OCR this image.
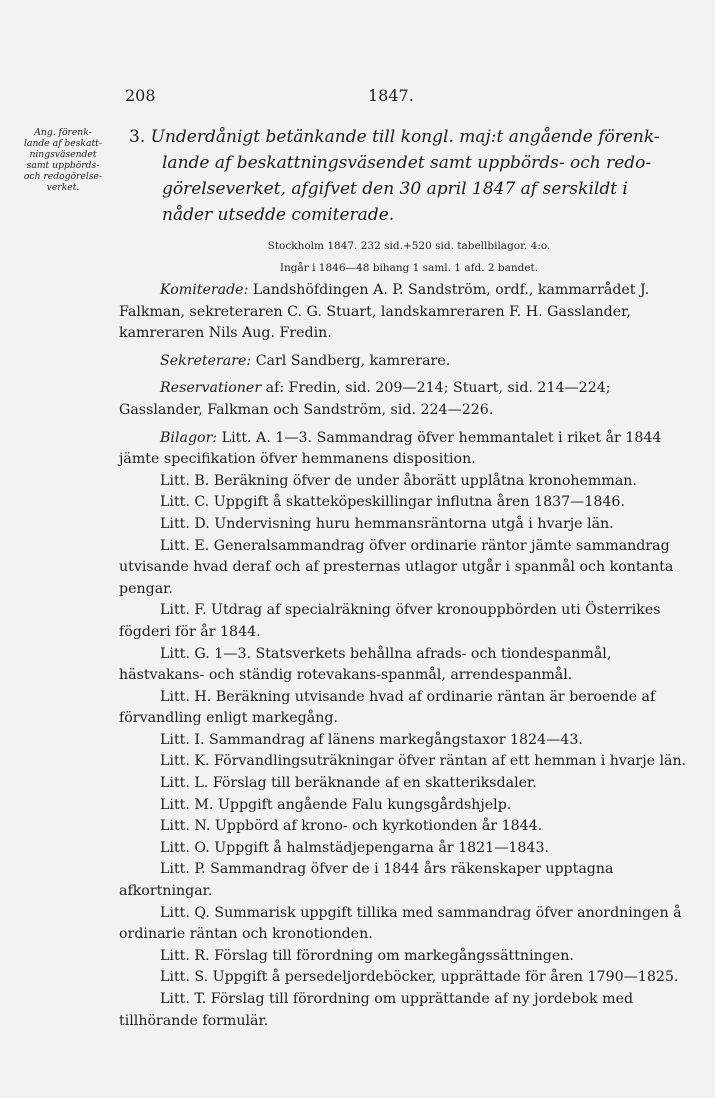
208	1847.
Ang. förenk-
lande af beskatt-
ningsväsendet
samt uppbörds-
och redogörelse-
verket.
3. Underdånigt betänkande till kongl. maj:t angående förenk-
lande af beskattningsväsendet samt uppbörds- och redo-
görelseverket, afgifvet den 30 april 1847 af serskildt i
nåder utsedde comiterade.
Stockholm 1847. 232 sid.+520 sid. tabellbilagor. 4:o.
Ingår i 1846—48 bihang 1 saml. 1 afd. 2 bandet.

Komiterade: Landshöfdingen A. P. Sandström, ordf., kammarrådet J. Falkman, sekreteraren C. G. Stuart, landskamreraren F. H. Gasslander, kamreraren Nils Aug. Fredin.

Sekreterare: Carl Sandberg, kamrerare.

Reservationer af: Fredin, sid. 209—214; Stuart, sid. 214—224; Gasslander, Falkman och Sandström, sid. 224—226.

Bilagor: Litt. A. 1—3. Sammandrag öfver hemmantalet i riket år 1844 jämte specifikation öfver hemmanens disposition.

Litt. B. Beräkning öfver de under åborätt upplåtna kronohemman.

Litt. C. Uppgift å skatteköpeskillingar influtna åren 1837—1846.

Litt. D. Undervisning huru hemmansräntorna utgå i hvarje län.

Litt. E. Generalsammandrag öfver ordinarie räntor jämte sammandrag utvisande hvad deraf och af presternas utlagor utgår i spanmål och kontanta pengar.

Litt. F. Utdrag af specialräkning öfver kronouppbörden uti Österrikes fögderi för år 1844.

Litt. G. 1—3. Statsverkets behållna afrads- och tiondespanmål, hästvakans- och ständig rotevakans-spanmål, arrendespanmål.

Litt. H. Beräkning utvisande hvad af ordinarie räntan är beroende af förvandling enligt markegång.

Litt. I. Sammandrag af länens markegångstaxor 1824—43.

Litt. K. Förvandlingsuträkningar öfver räntan af ett hemman i hvarje län.

Litt. L. Förslag till beräknande af en skatteriksdaler.

Litt. M. Uppgift angående Falu kungsgårdshjelp.

Litt. N. Uppbörd af krono- och kyrkotionden år 1844.

Litt. O. Uppgift å halmstädjepengarna år 1821—1843.

Litt. P. Sammandrag öfver de i 1844 års räkenskaper upptagna afkortningar.

Litt. Q. Summarisk uppgift tillika med sammandrag öfver anordningen å ordinarie räntan och kronotionden.

Litt. R. Förslag till förordning om markegångssättningen.

Litt. S. Uppgift å persedeljordeböcker, upprättade för åren 1790—1825.

Litt. T. Förslag till förordning om upprättande af ny jordebok med tillhörande formulär.
